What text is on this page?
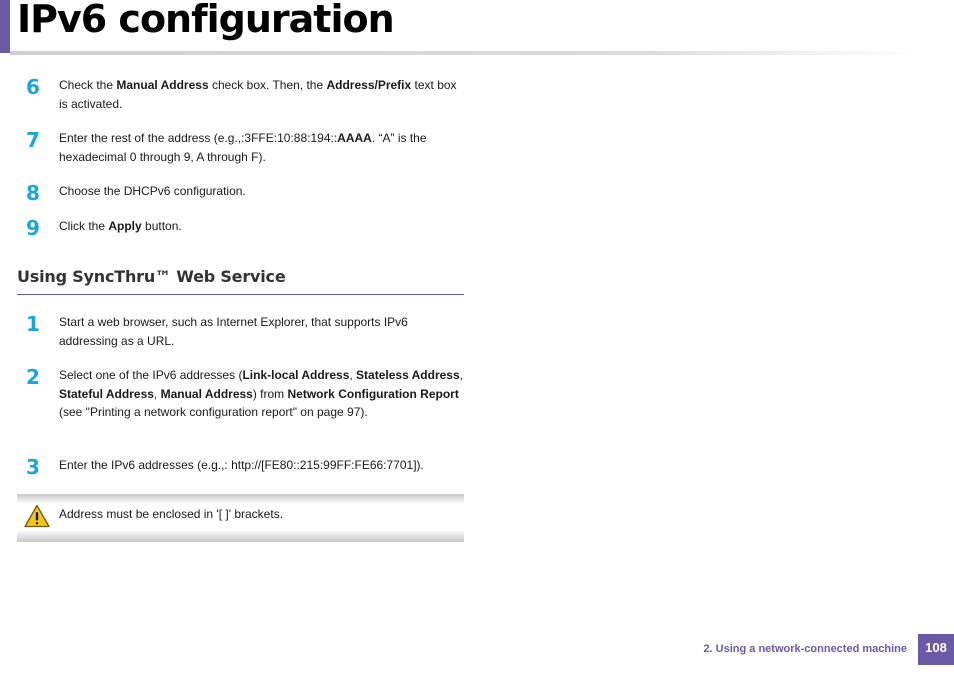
IPv6 configuration
6	Check the Manual Address check box. Then, the Address/Prefix text box is activated.
7	Enter the rest of the address (e.g.,:3FFE:10:88:194::AAAA. “A” is the hexadecimal 0 through 9, A through F).
8	Choose the DHCPv6 configuration.
9	Click the Apply button.
Using SyncThru™ Web Service
1	Start a web browser, such as Internet Explorer, that supports IPv6 addressing as a URL.
2	Select one of the IPv6 addresses (Link-local Address, Stateless Address, Stateful Address, Manual Address) from Network Configuration Report (see "Printing a network configuration report" on page 97).
3	Enter the IPv6 addresses (e.g.,: http://[FE80::215:99FF:FE66:7701]).
Address must be enclosed in '[ ]' brackets.
2. Using a network-connected machine	108
